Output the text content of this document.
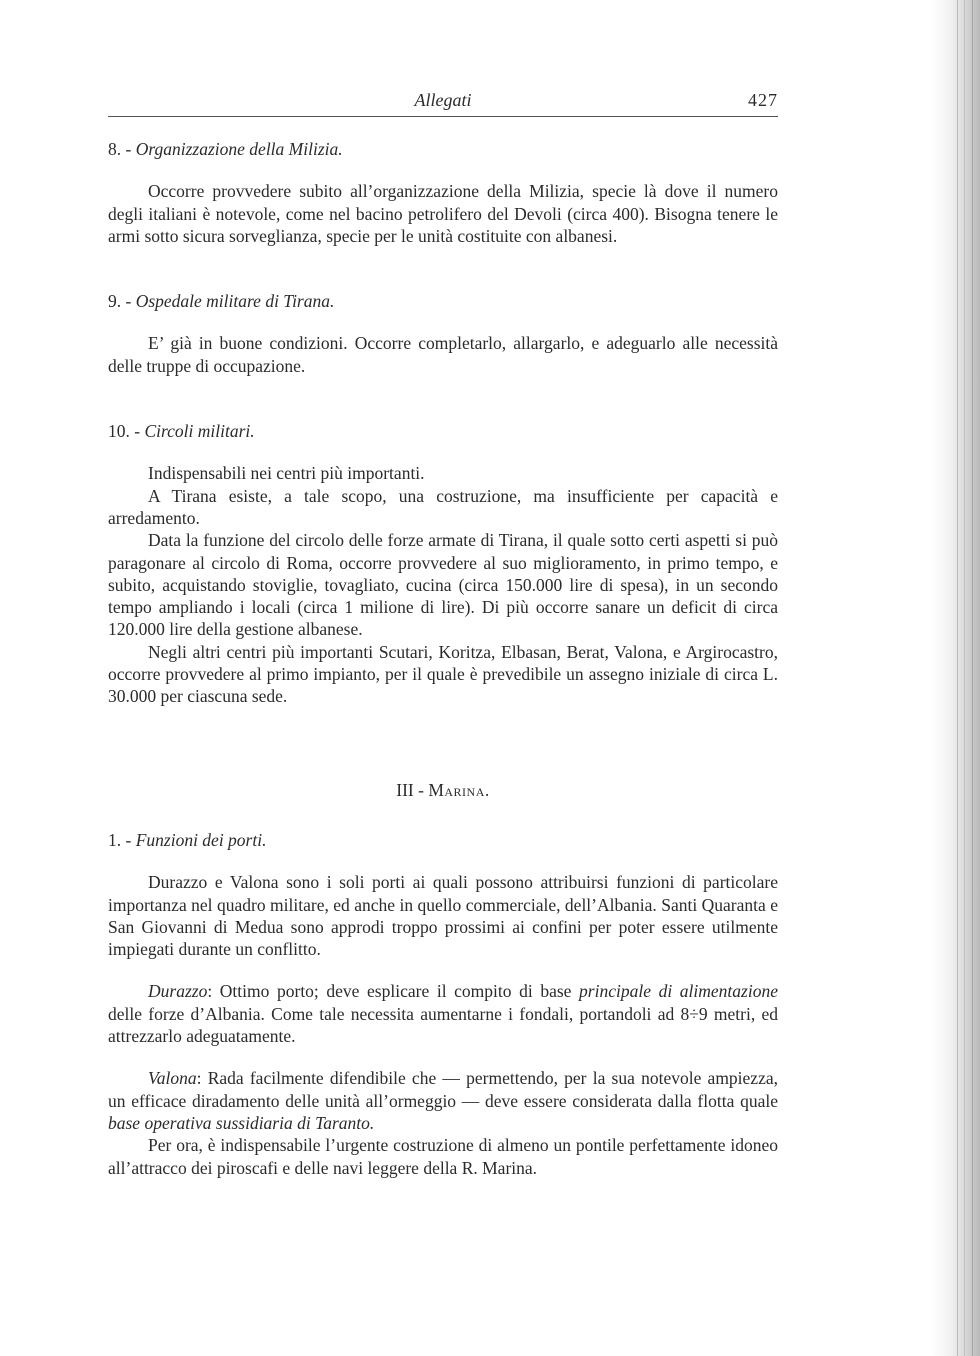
Allegati	427
8. - Organizzazione della Milizia.

Occorre provvedere subito all’organizzazione della Milizia, specie là dove il numero degli italiani è notevole, come nel bacino petrolifero del Devoli (circa 400). Bisogna tenere le armi sotto sicura sorveglianza, specie per le unità costituite con albanesi.

9. - Ospedale militare di Tirana.

E’ già in buone condizioni. Occorre completarlo, allargarlo, e adeguarlo alle necessità delle truppe di occupazione.

10. - Circoli militari.

Indispensabili nei centri più importanti.

A Tirana esiste, a tale scopo, una costruzione, ma insufficiente per capacità e arredamento.

Data la funzione del circolo delle forze armate di Tirana, il quale sotto certi aspetti si può paragonare al circolo di Roma, occorre provvedere al suo miglioramento, in primo tempo, e subito, acquistando stoviglie, tovagliato, cucina (circa 150.000 lire di spesa), in un secondo tempo ampliando i locali (circa 1 milione di lire). Di più occorre sanare un deficit di circa 120.000 lire della gestione albanese.

Negli altri centri più importanti Scutari, Koritza, Elbasan, Berat, Valona, e Argirocastro, occorre provvedere al primo impianto, per il quale è prevedibile un assegno iniziale di circa L. 30.000 per ciascuna sede.

III - Marina.
1. - Funzioni dei porti.

Durazzo e Valona sono i soli porti ai quali possono attribuirsi funzioni di particolare importanza nel quadro militare, ed anche in quello commerciale, dell’Albania. Santi Quaranta e San Giovanni di Medua sono approdi troppo prossimi ai confini per poter essere utilmente impiegati durante un conflitto.

Durazzo: Ottimo porto; deve esplicare il compito di base principale di alimentazione delle forze d’Albania. Come tale necessita aumentarne i fondali, portandoli ad 8÷9 metri, ed attrezzarlo adeguatamente.

Valona: Rada facilmente difendibile che — permettendo, per la sua notevole ampiezza, un efficace diradamento delle unità all’ormeggio — deve essere considerata dalla flotta quale base operativa sussidiaria di Taranto.

Per ora, è indispensabile l’urgente costruzione di almeno un pontile perfettamente idoneo all’attracco dei piroscafi e delle navi leggere della R. Marina.
